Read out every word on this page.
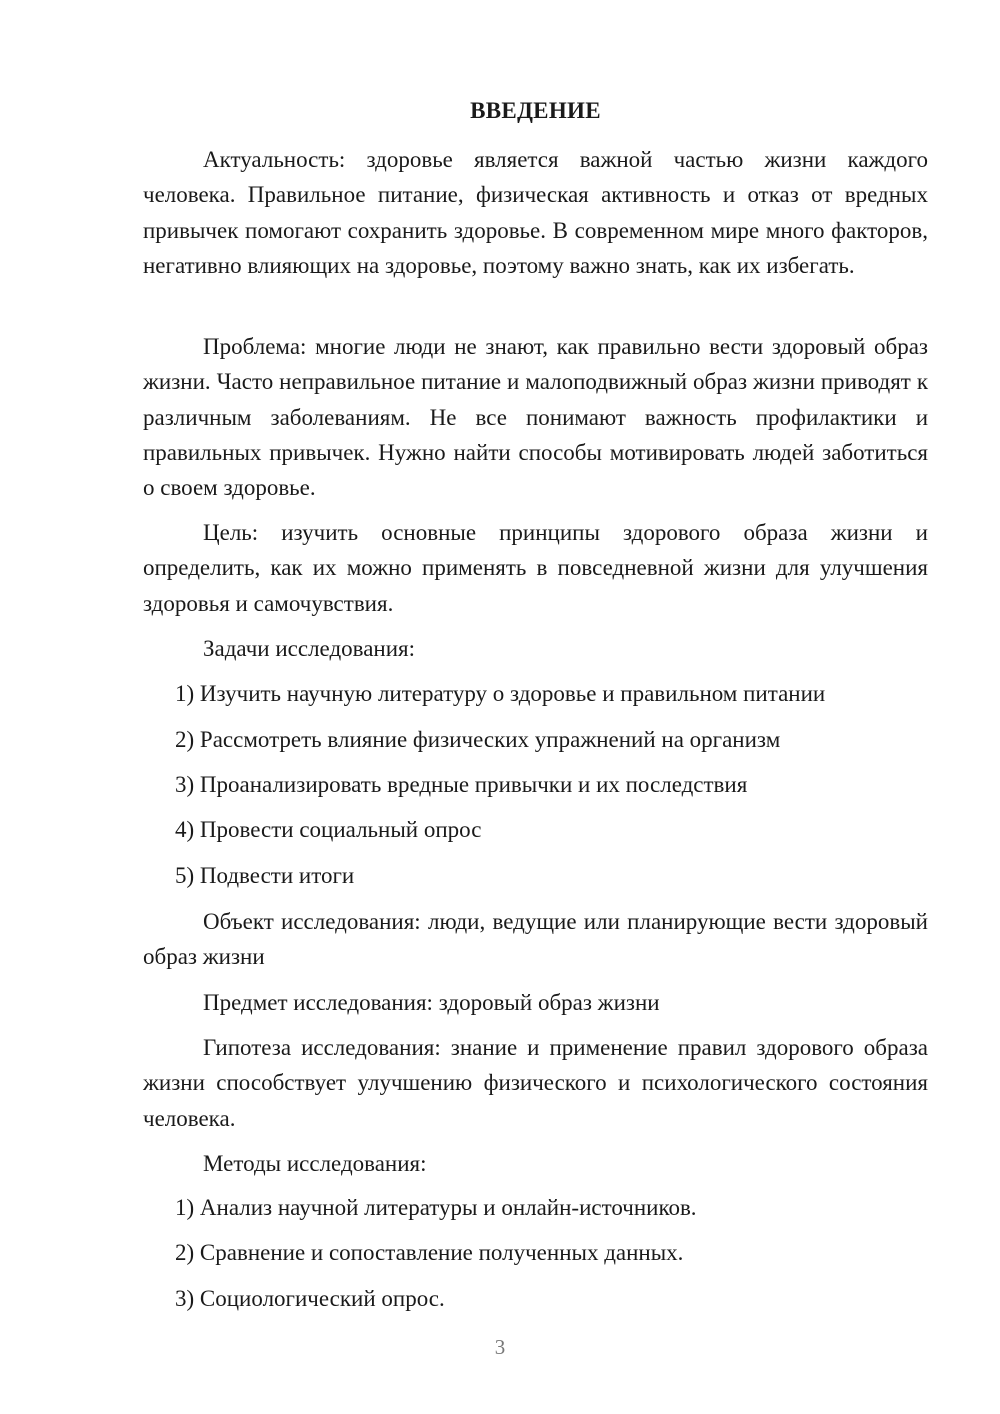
ВВЕДЕНИЕ

Актуальность: здоровье является важной частью жизни каждого человека. Правильное питание, физическая активность и отказ от вредных привычек помогают сохранить здоровье. В современном мире много факторов, негативно влияющих на здоровье, поэтому важно знать, как их избегать.

Проблема: многие люди не знают, как правильно вести здоровый образ жизни. Часто неправильное питание и малоподвижный образ жизни приводят к различным заболеваниям. Не все понимают важность профилактики и правильных привычек. Нужно найти способы мотивировать людей заботиться о своем здоровье.

Цель: изучить основные принципы здорового образа жизни и определить, как их можно применять в повседневной жизни для улучшения здоровья и самочувствия.

Задачи исследования:

1) Изучить научную литературу о здоровье и правильном питании

2) Рассмотреть влияние физических упражнений на организм

3) Проанализировать вредные привычки и их последствия

4) Провести социальный опрос

5) Подвести итоги

Объект исследования: люди, ведущие или планирующие вести здоровый образ жизни

Предмет исследования: здоровый образ жизни

Гипотеза исследования: знание и применение правил здорового образа жизни способствует улучшению физического и психологического состояния человека.

Методы исследования:

1) Анализ научной литературы и онлайн-источников.

2) Сравнение и сопоставление полученных данных.

3) Социологический опрос.

3
